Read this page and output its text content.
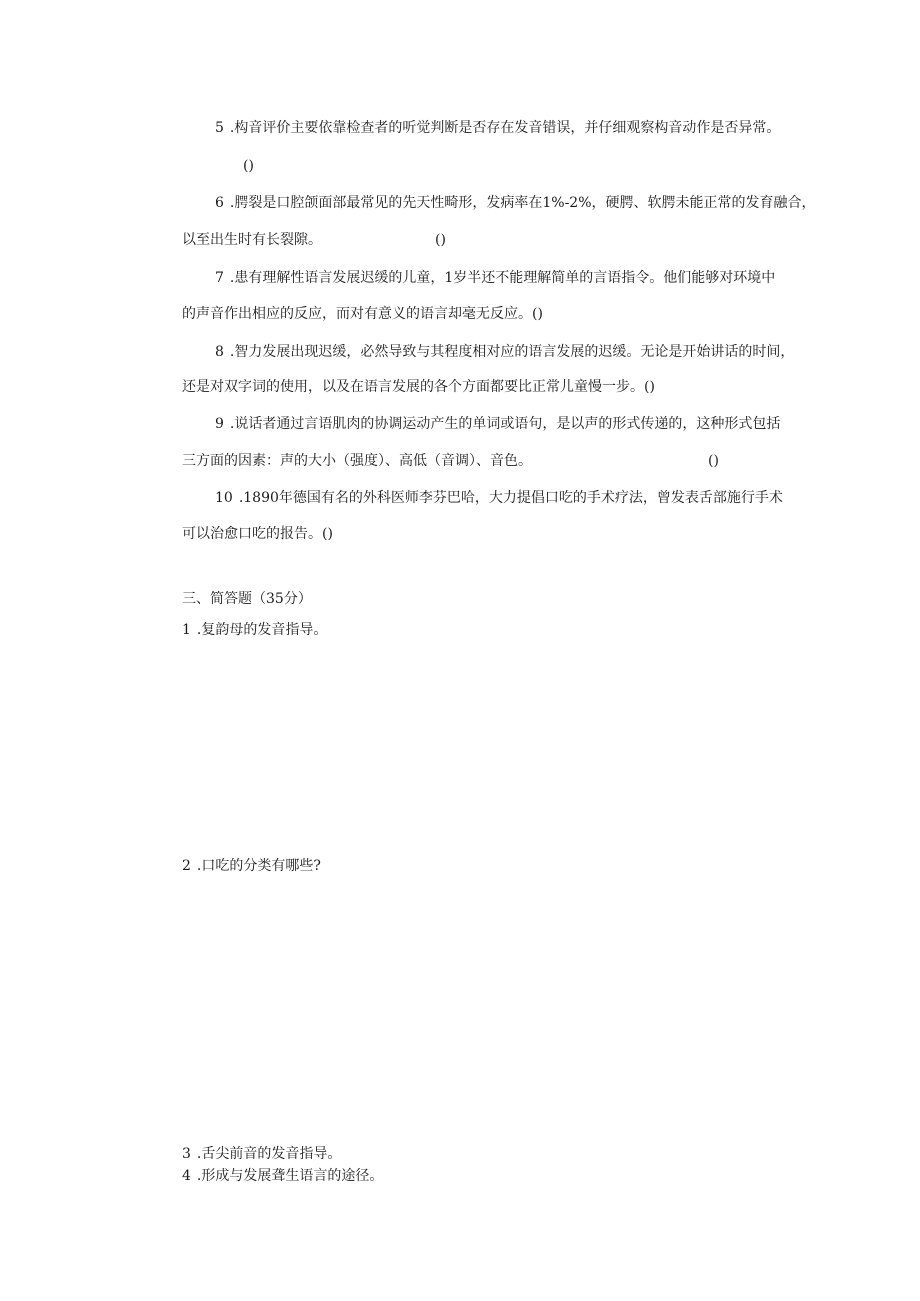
5 .构音评价主要依靠检查者的听觉判断是否存在发音错误，并仔细观察构音动作是否异常。
()
6 .腭裂是口腔颌面部最常见的先天性畸形，发病率在1%-2%，硬腭、软腭未能正常的发育融合，
以至出生时有长裂隙。	()
7 .患有理解性语言发展迟缓的儿童，1岁半还不能理解简单的言语指令。他们能够对环境中
的声音作出相应的反应，而对有意义的语言却毫无反应。()
8 .智力发展出现迟缓，必然导致与其程度相对应的语言发展的迟缓。无论是开始讲话的时间，
还是对双字词的使用，以及在语言发展的各个方面都要比正常儿童慢一步。()
9 .说话者通过言语肌肉的协调运动产生的单词或语句，是以声的形式传递的，这种形式包括
三方面的因素：声的大小（强度）、高低（音调）、音色。	()
10 .1890年德国有名的外科医师李芬巴哈，大力提倡口吃的手术疗法，曾发表舌部施行手术
可以治愈口吃的报告。()
三、简答题（35分）
1 .复韵母的发音指导。
2 .口吃的分类有哪些?
3 .舌尖前音的发音指导。
4 .形成与发展聋生语言的途径。
